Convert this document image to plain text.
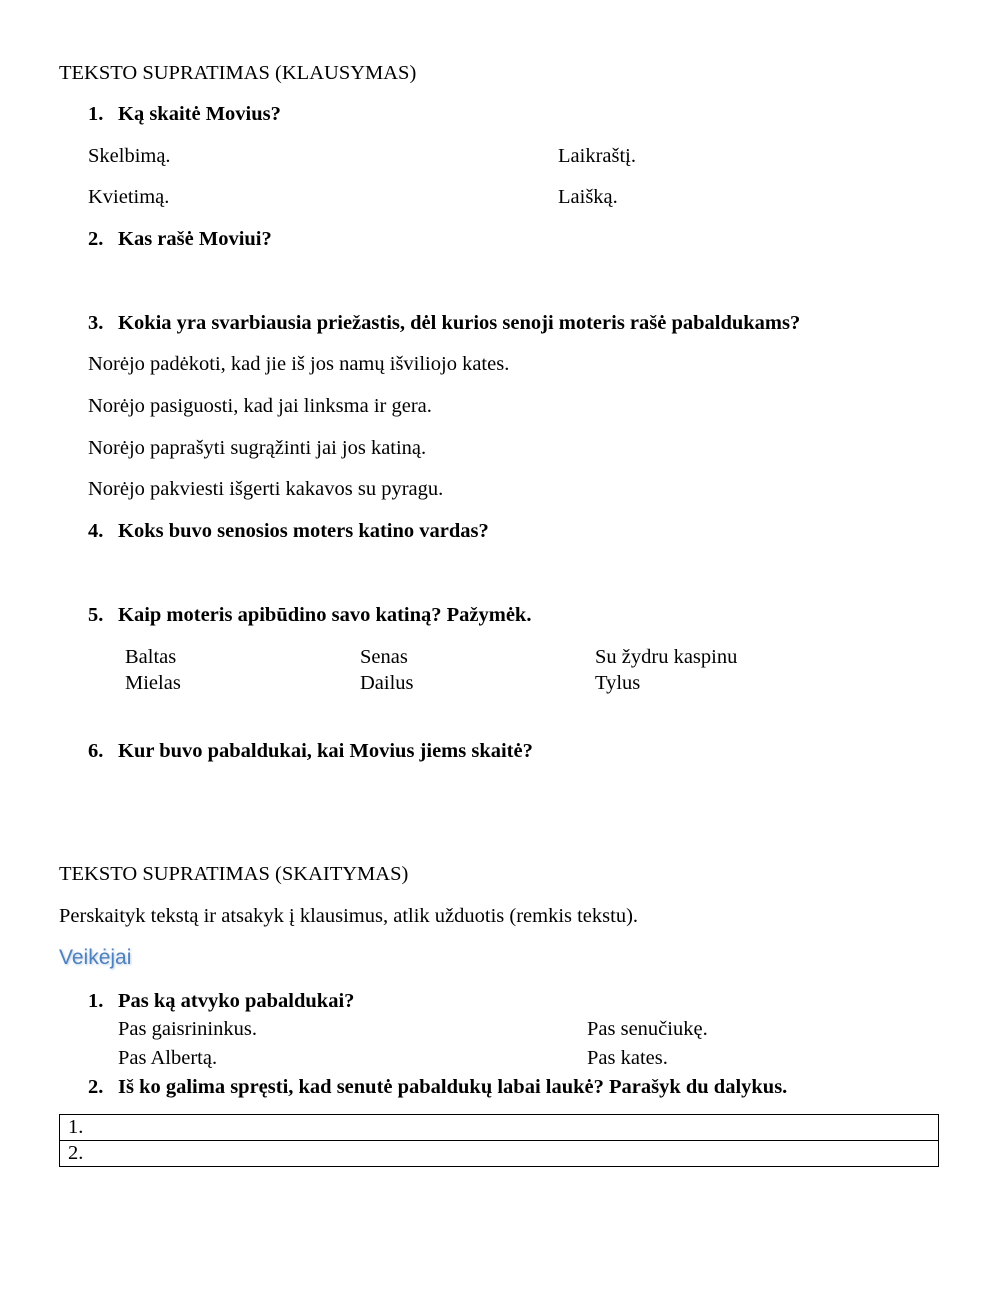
TEKSTO SUPRATIMAS (KLAUSYMAS)
1. Ką skaitė Movius?
Skelbimą.	Laikraštį.
Kvietimą.	Laišką.
2. Kas rašė Moviui?
3. Kokia yra svarbiausia priežastis, dėl kurios senoji moteris rašė pabaldukams?
Norėjo padėkoti, kad jie iš jos namų išviliojo kates.
Norėjo pasiguosti, kad jai linksma ir gera.
Norėjo paprašyti sugrąžinti jai jos katiną.
Norėjo pakviesti išgerti kakavos su pyragu.
4. Koks buvo senosios moters katino vardas?
5. Kaip moteris apibūdino savo katiną? Pažymėk.
Baltas	Senas	Su žydru kaspinu
Mielas	Dailus	Tylus
6. Kur buvo pabaldukai, kai Movius jiems skaitė?
TEKSTO SUPRATIMAS (SKAITYMAS)
Perskaityk tekstą ir atsakyk į klausimus, atlik užduotis (remkis tekstu).
Veikėjai
1. Pas ką atvyko pabaldukai?
Pas gaisrininkus.	Pas senučiukę.
Pas Albertą.	Pas kates.
2. Iš ko galima spręsti, kad senutė pabaldukų labai laukė? Parašyk du dalykus.
1.
2.
